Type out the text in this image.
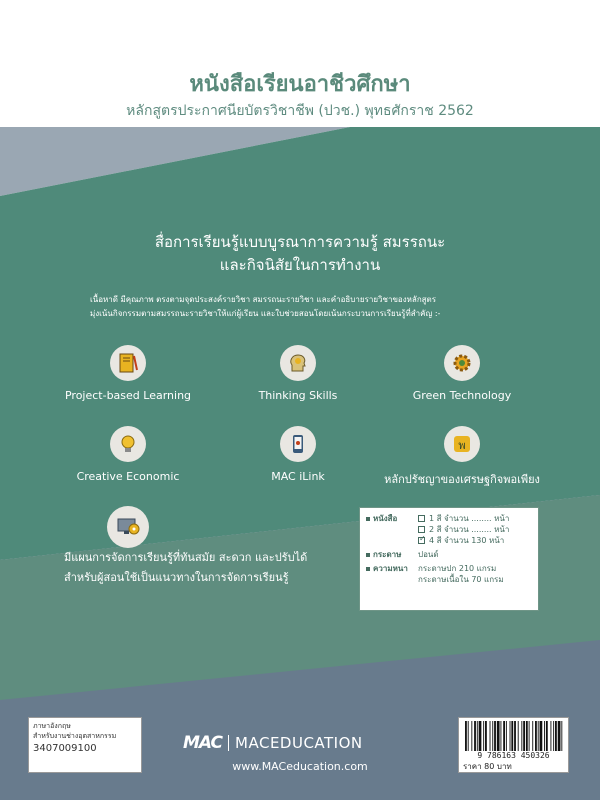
หนังสือเรียนอาชีวศึกษา
หลักสูตรประกาศนียบัตรวิชาชีพ (ปวช.) พุทธศักราช 2562
สื่อการเรียนรู้แบบบูรณาการความรู้ สมรรถนะ
และกิจนิสัยในการทำงาน
เนื้อหาดี มีคุณภาพ ตรงตามจุดประสงค์รายวิชา สมรรถนะรายวิชา และคำอธิบายรายวิชาของหลักสูตร
มุ่งเน้นกิจกรรมตามสมรรถนะรายวิชาให้แก่ผู้เรียน และใบช่วยสอนโดยเน้นกระบวนการเรียนรู้ที่สำคัญ :-
Project-based Learning	Thinking Skills	Green Technology
Creative Economic	MAC iLink
พ
หลักปรัชญาของเศรษฐกิจพอเพียง
มีแผนการจัดการเรียนรู้ที่ทันสมัย สะดวก และปรับได้
สำหรับผู้สอนใช้เป็นแนวทางในการจัดการเรียนรู้
หนังสือ	1 สี จำนวน ........ หน้า
2 สี จำนวน ........ หน้า
✓
4 สี จำนวน 130 หน้า
กระดาษ	ปอนด์
ความหนา	กระดาษปก 210 แกรม
กระดาษเนื้อใน 70 แกรม
ภาษาอังกฤษ
สำหรับงานช่างอุตสาหกรรม
3407009100
9 786163 450326
ราคา 80 บาท
MAC MACEDUCATION
www.MACeducation.com
